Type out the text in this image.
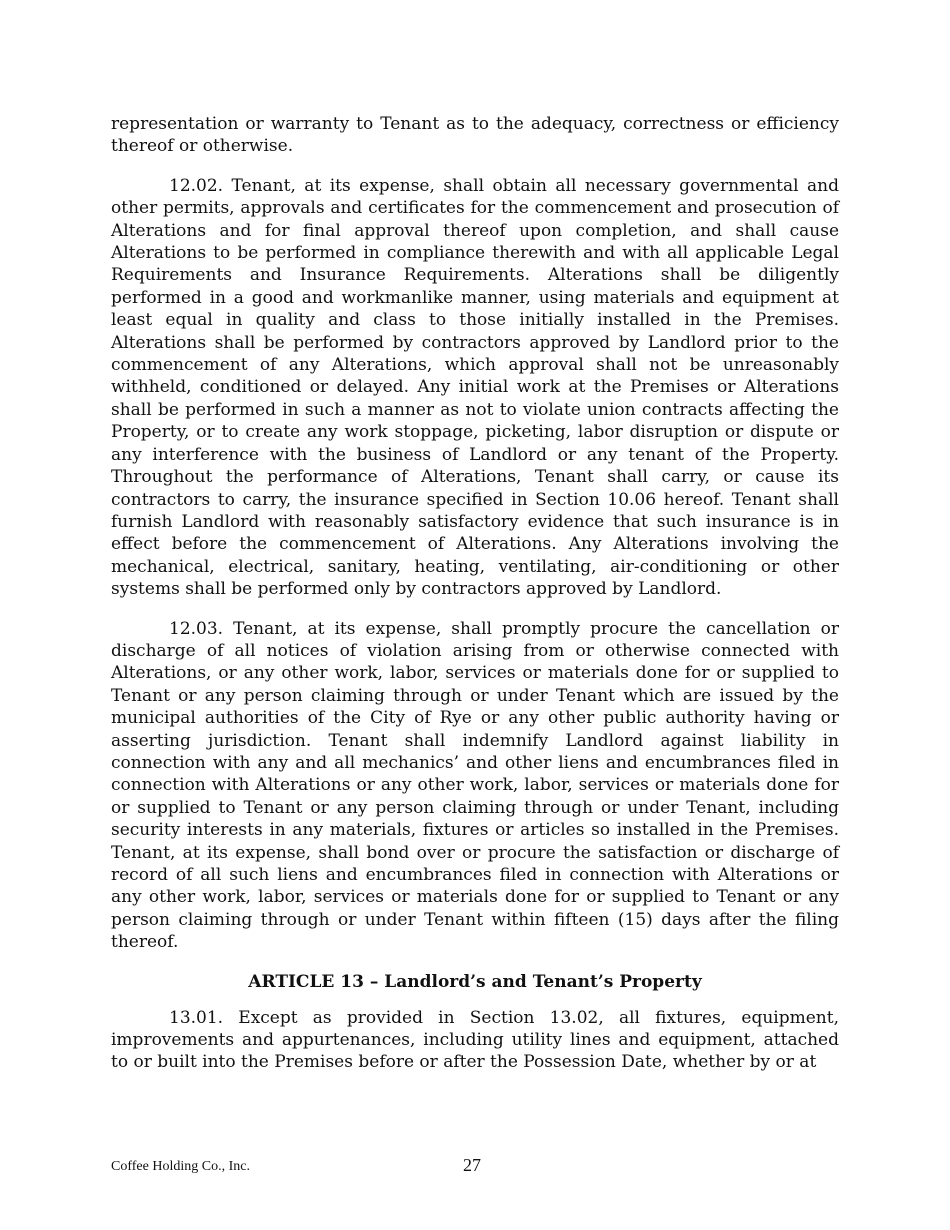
representation or warranty to Tenant as to the adequacy, correctness or efficiency thereof or otherwise.

12.02. Tenant, at its expense, shall obtain all necessary governmental and other permits, approvals and certificates for the commencement and prosecution of Alterations and for final approval thereof upon completion, and shall cause Alterations to be performed in compliance therewith and with all applicable Legal Requirements and Insurance Requirements. Alterations shall be diligently performed in a good and workmanlike manner, using materials and equipment at least equal in quality and class to those initially installed in the Premises. Alterations shall be performed by contractors approved by Landlord prior to the commencement of any Alterations, which approval shall not be unreasonably withheld, conditioned or delayed. Any initial work at the Premises or Alterations shall be performed in such a manner as not to violate union contracts affecting the Property, or to create any work stoppage, picketing, labor disruption or dispute or any interference with the business of Landlord or any tenant of the Property. Throughout the performance of Alterations, Tenant shall carry, or cause its contractors to carry, the insurance specified in Section 10.06 hereof. Tenant shall furnish Landlord with reasonably satisfactory evidence that such insurance is in effect before the commencement of Alterations. Any Alterations involving the mechanical, electrical, sanitary, heating, ventilating, air-conditioning or other systems shall be performed only by contractors approved by Landlord.

12.03. Tenant, at its expense, shall promptly procure the cancellation or discharge of all notices of violation arising from or otherwise connected with Alterations, or any other work, labor, services or materials done for or supplied to Tenant or any person claiming through or under Tenant which are issued by the municipal authorities of the City of Rye or any other public authority having or asserting jurisdiction. Tenant shall indemnify Landlord against liability in connection with any and all mechanics’ and other liens and encumbrances filed in connection with Alterations or any other work, labor, services or materials done for or supplied to Tenant or any person claiming through or under Tenant, including security interests in any materials, fixtures or articles so installed in the Premises. Tenant, at its expense, shall bond over or procure the satisfaction or discharge of record of all such liens and encumbrances filed in connection with Alterations or any other work, labor, services or materials done for or supplied to Tenant or any person claiming through or under Tenant within fifteen (15) days after the filing thereof.

ARTICLE 13 – Landlord’s and Tenant’s Property

13.01. Except as provided in Section 13.02, all fixtures, equipment, improvements and appurtenances, including utility lines and equipment, attached to or built into the Premises before or after the Possession Date, whether by or at

Coffee Holding Co., Inc.	27
